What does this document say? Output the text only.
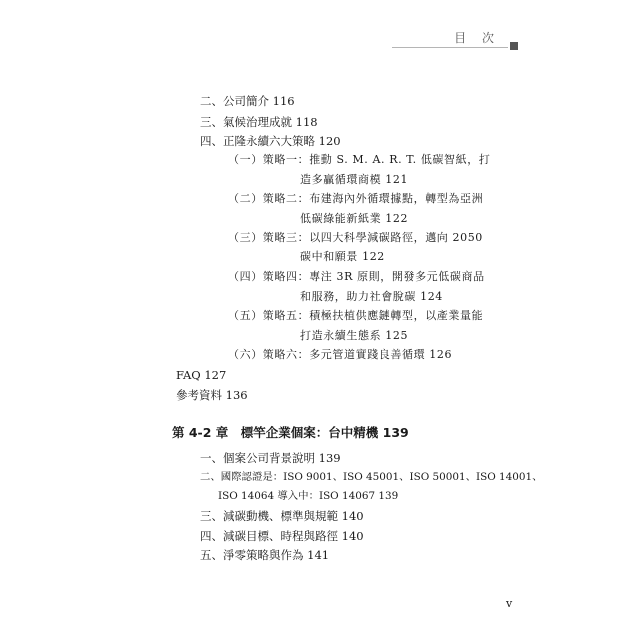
目 次
二、公司簡介 116
三、氣候治理成就 118
四、正隆永續六大策略 120
（一）策略一：推動 S. M. A. R. T. 低碳智紙，打
造多贏循環商模 121
（二）策略二：布建海內外循環據點，轉型為亞洲
低碳綠能新紙業 122
（三）策略三：以四大科學減碳路徑，邁向 2050
碳中和願景 122
（四）策略四：專注 3R 原則，開發多元低碳商品
和服務，助力社會脫碳 124
（五）策略五：積極扶植供應鏈轉型，以產業量能
打造永續生態系 125
（六）策略六：多元管道實踐良善循環 126
FAQ 127
參考資料 136
第 4-2 章　標竿企業個案：台中精機 139
一、個案公司背景說明 139
二、國際認證是：ISO 9001、ISO 45001、ISO 50001、ISO 14001、
ISO 14064 導入中：ISO 14067 139
三、減碳動機、標準與規範 140
四、減碳目標、時程與路徑 140
五、淨零策略與作為 141
v
